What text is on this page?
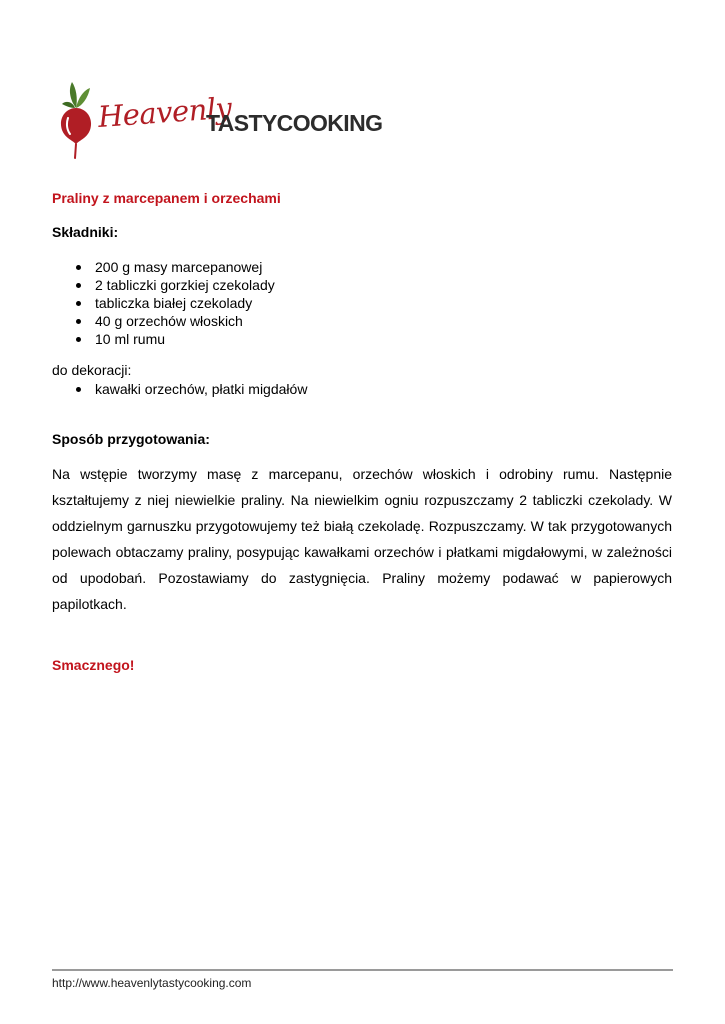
Heavenly
TASTYCOOKING
Praliny z marcepanem i orzechami
Składniki:
200 g masy marcepanowej
2 tabliczki gorzkiej czekolady
tabliczka białej czekolady
40 g orzechów włoskich
10 ml rumu
do dekoracji:
kawałki orzechów, płatki migdałów
Sposób przygotowania:

Na wstępie tworzymy masę z marcepanu, orzechów włoskich i odrobiny rumu. Następnie kształtujemy z niej niewielkie praliny. Na niewielkim ogniu rozpuszczamy 2 tabliczki czekolady. W oddzielnym garnuszku przygotowujemy też białą czekoladę. Rozpuszczamy. W tak przygotowanych polewach obtaczamy praliny, posypując kawałkami orzechów i płatkami migdałowymi, w zależności od upodobań. Pozostawiamy do zastygnięcia. Praliny możemy podawać w papierowych papilotkach.

Smacznego!
http://www.heavenlytastycooking.com
